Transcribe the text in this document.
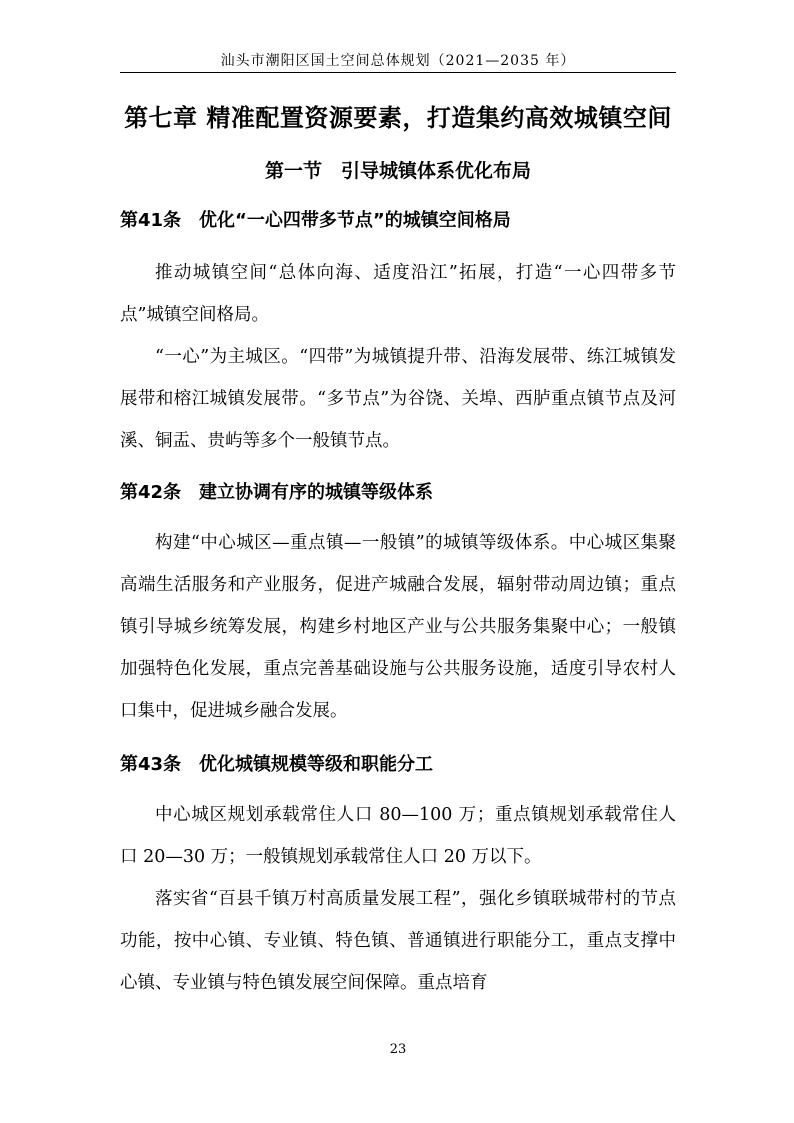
汕头市潮阳区国土空间总体规划（2021—2035 年）
第七章 精准配置资源要素，打造集约高效城镇空间
第一节　引导城镇体系优化布局
第41条　优化“一心四带多节点”的城镇空间格局
推动城镇空间“总体向海、适度沿江”拓展，打造“一心四带多节点”城镇空间格局。
“一心”为主城区。“四带”为城镇提升带、沿海发展带、练江城镇发展带和榕江城镇发展带。“多节点”为谷饶、关埠、西胪重点镇节点及河溪、铜盂、贵屿等多个一般镇节点。
第42条　建立协调有序的城镇等级体系
构建“中心城区—重点镇—一般镇”的城镇等级体系。中心城区集聚高端生活服务和产业服务，促进产城融合发展，辐射带动周边镇；重点镇引导城乡统筹发展，构建乡村地区产业与公共服务集聚中心；一般镇加强特色化发展，重点完善基础设施与公共服务设施，适度引导农村人口集中，促进城乡融合发展。
第43条　优化城镇规模等级和职能分工
中心城区规划承载常住人口 80—100 万；重点镇规划承载常住人口 20—30 万；一般镇规划承载常住人口 20 万以下。
落实省“百县千镇万村高质量发展工程”，强化乡镇联城带村的节点功能，按中心镇、专业镇、特色镇、普通镇进行职能分工，重点支撑中心镇、专业镇与特色镇发展空间保障。重点培育
23
